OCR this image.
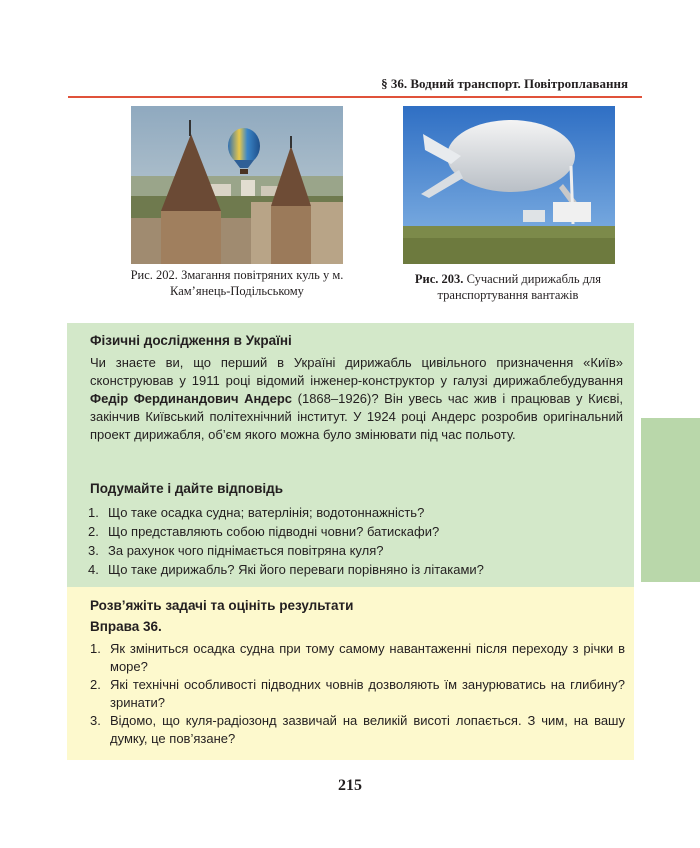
§ 36. Водний транспорт. Повітроплавання
Рис. 202. Змагання повітряних куль у м. Кам’янець-Подільському
Рис. 203. Сучасний дирижабль для транспортування вантажів
Фізичні дослідження в Україні
Чи знаєте ви, що перший в Україні дирижабль цивільного призначення «Київ» сконструював у 1911 році відомий інженер-конструктор у галузі дирижаблебудування Федір Фердинандович Андерс (1868–1926)? Він увесь час жив і працював у Києві, закінчив Київський політехнічний інститут. У 1924 році Андерс розробив оригінальний проект дирижабля, об’єм якого можна було змінювати під час польоту.
Подумайте і дайте відповідь
1. Що таке осадка судна; ватерлінія; водотоннажність?
2. Що представляють собою підводні човни? батискафи?
3. За рахунок чого піднімається повітряна куля?
4. Що таке дирижабль? Які його переваги порівняно із літаками?
Розв’яжіть задачі та оцініть результати
Вправа 36.
1. Як зміниться осадка судна при тому самому навантаженні після переходу з річки в море?
2. Які технічні особливості підводних човнів дозволяють їм занурюватись на глибину? зринати?
3. Відомо, що куля-радіозонд зазвичай на великій висоті лопається. З чим, на вашу думку, це пов’язане?
215
